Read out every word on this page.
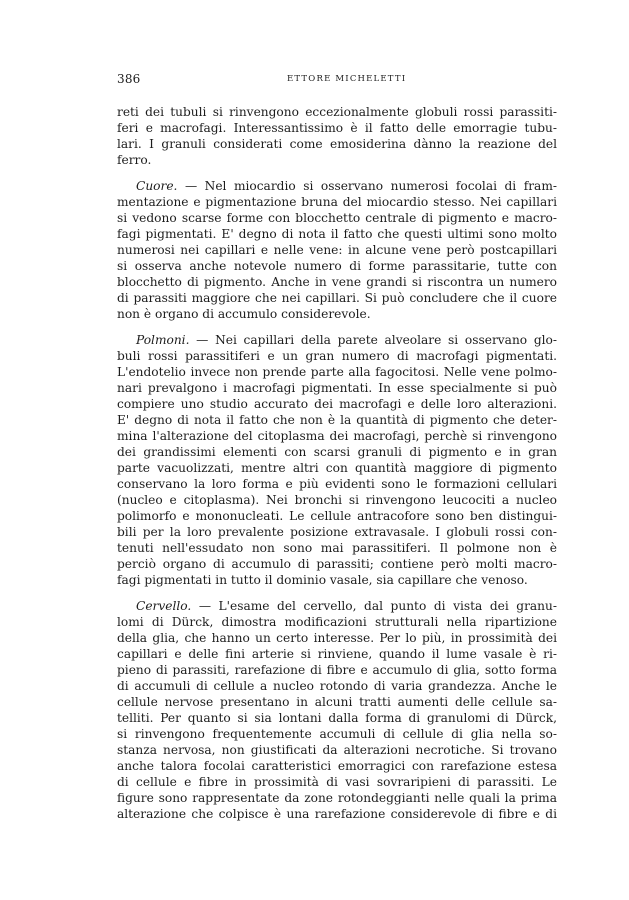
386	ETTORE MICHELETTI
reti dei tubuli si rinvengono eccezionalmente globuli rossi parassiti-
feri e macrofagi. Interessantissimo è il fatto delle emorragie tubu-
lari. I granuli considerati come emosiderina dànno la reazione del
ferro.
Cuore. — Nel miocardio si osservano numerosi focolai di fram-
mentazione e pigmentazione bruna del miocardio stesso. Nei capillari
si vedono scarse forme con blocchetto centrale di pigmento e macro-
fagi pigmentati. E' degno di nota il fatto che questi ultimi sono molto
numerosi nei capillari e nelle vene: in alcune vene però postcapillari
si osserva anche notevole numero di forme parassitarie, tutte con
blocchetto di pigmento. Anche in vene grandi si riscontra un numero
di parassiti maggiore che nei capillari. Si può concludere che il cuore
non è organo di accumulo considerevole.
Polmoni. — Nei capillari della parete alveolare si osservano glo-
buli rossi parassitiferi e un gran numero di macrofagi pigmentati.
L'endotelio invece non prende parte alla fagocitosi. Nelle vene polmo-
nari prevalgono i macrofagi pigmentati. In esse specialmente si può
compiere uno studio accurato dei macrofagi e delle loro alterazioni.
E' degno di nota il fatto che non è la quantità di pigmento che deter-
mina l'alterazione del citoplasma dei macrofagi, perchè si rinvengono
dei grandissimi elementi con scarsi granuli di pigmento e in gran
parte vacuolizzati, mentre altri con quantità maggiore di pigmento
conservano la loro forma e più evidenti sono le formazioni cellulari
(nucleo e citoplasma). Nei bronchi si rinvengono leucociti a nucleo
polimorfo e mononucleati. Le cellule antracofore sono ben distingui-
bili per la loro prevalente posizione extravasale. I globuli rossi con-
tenuti nell'essudato non sono mai parassitiferi. Il polmone non è
perciò organo di accumulo di parassiti; contiene però molti macro-
fagi pigmentati in tutto il dominio vasale, sia capillare che venoso.
Cervello. — L'esame del cervello, dal punto di vista dei granu-
lomi di Dürck, dimostra modificazioni strutturali nella ripartizione
della glia, che hanno un certo interesse. Per lo più, in prossimità dei
capillari e delle fini arterie si rinviene, quando il lume vasale è ri-
pieno di parassiti, rarefazione di fibre e accumulo di glia, sotto forma
di accumuli di cellule a nucleo rotondo di varia grandezza. Anche le
cellule nervose presentano in alcuni tratti aumenti delle cellule sa-
telliti. Per quanto si sia lontani dalla forma di granulomi di Dürck,
si rinvengono frequentemente accumuli di cellule di glia nella so-
stanza nervosa, non giustificati da alterazioni necrotiche. Si trovano
anche talora focolai caratteristici emorragici con rarefazione estesa
di cellule e fibre in prossimità di vasi sovraripieni di parassiti. Le
figure sono rappresentate da zone rotondeggianti nelle quali la prima
alterazione che colpisce è una rarefazione considerevole di fibre e di
